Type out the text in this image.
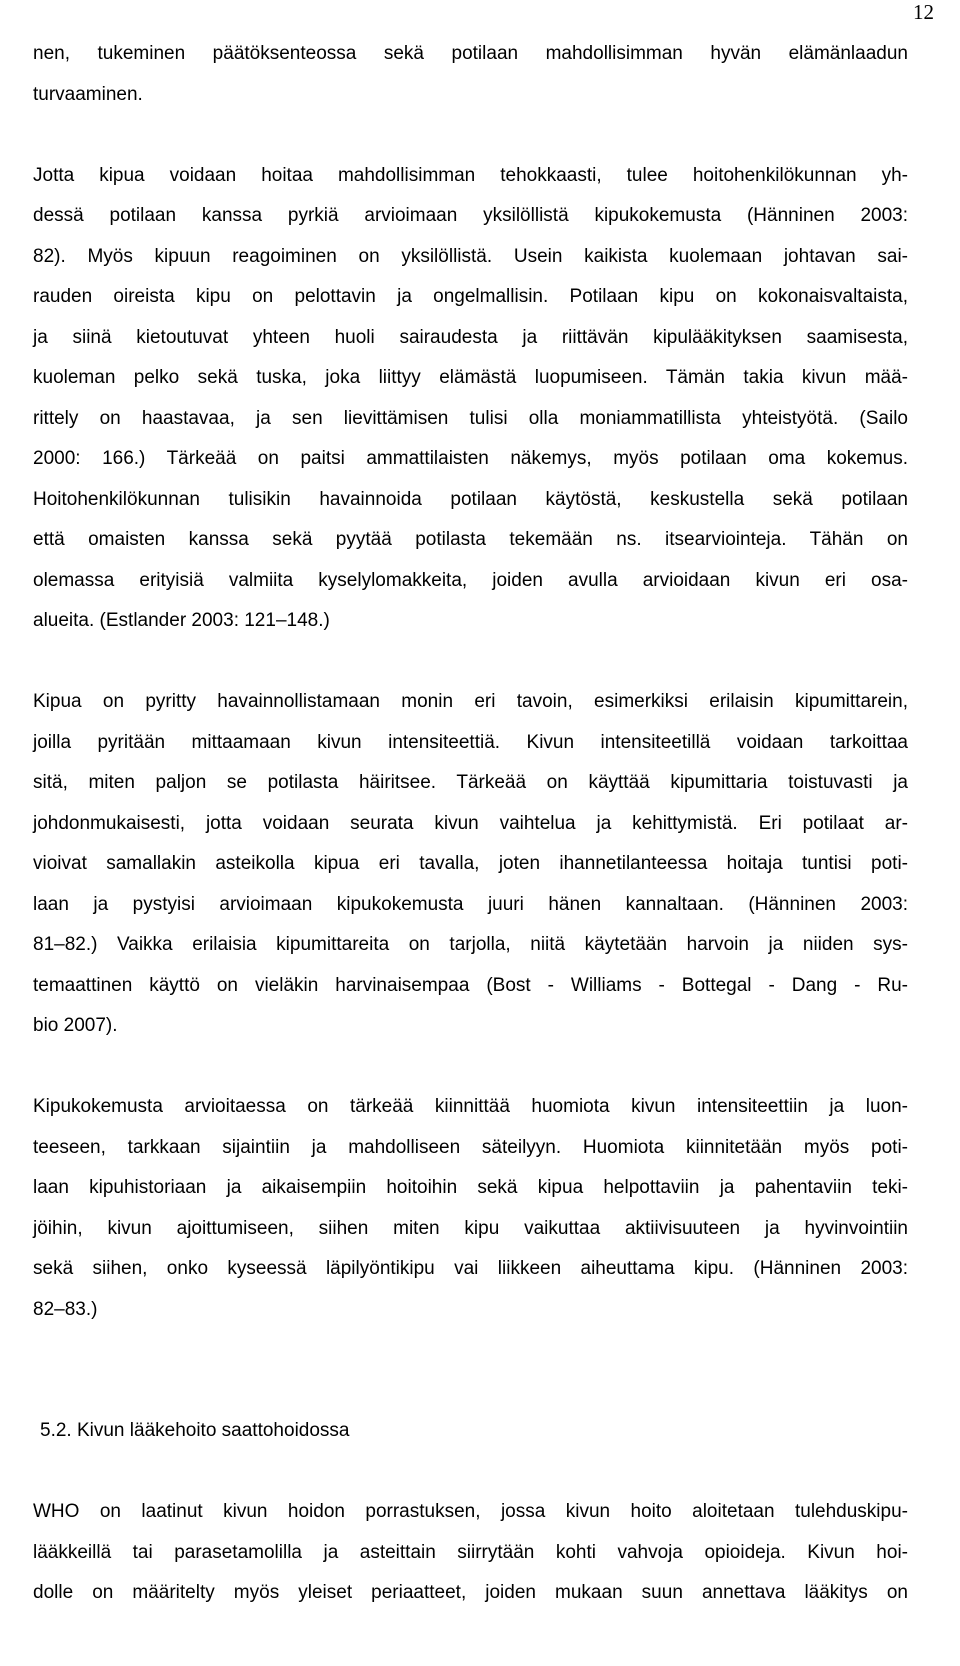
12
nen, tukeminen päätöksenteossa sekä potilaan mahdollisimman hyvän elämänlaadun
turvaaminen.
Jotta kipua voidaan hoitaa mahdollisimman tehokkaasti, tulee hoitohenkilökunnan yh-
dessä potilaan kanssa pyrkiä arvioimaan yksilöllistä kipukokemusta (Hänninen 2003:
82). Myös kipuun reagoiminen on yksilöllistä. Usein kaikista kuolemaan johtavan sai-
rauden oireista kipu on pelottavin ja ongelmallisin. Potilaan kipu on kokonaisvaltaista,
ja siinä kietoutuvat yhteen huoli sairaudesta ja riittävän kipulääkityksen saamisesta,
kuoleman pelko sekä tuska, joka liittyy elämästä luopumiseen. Tämän takia kivun mää-
rittely on haastavaa, ja sen lievittämisen tulisi olla moniammatillista yhteistyötä. (Sailo
2000: 166.) Tärkeää on paitsi ammattilaisten näkemys, myös potilaan oma kokemus.
Hoitohenkilökunnan tulisikin havainnoida potilaan käytöstä, keskustella sekä potilaan
että omaisten kanssa sekä pyytää potilasta tekemään ns. itsearviointeja. Tähän on
olemassa erityisiä valmiita kyselylomakkeita, joiden avulla arvioidaan kivun eri osa-
alueita. (Estlander 2003: 121–148.)
Kipua on pyritty havainnollistamaan monin eri tavoin, esimerkiksi erilaisin kipumittarein,
joilla pyritään mittaamaan kivun intensiteettiä. Kivun intensiteetillä voidaan tarkoittaa
sitä, miten paljon se potilasta häiritsee. Tärkeää on käyttää kipumittaria toistuvasti ja
johdonmukaisesti, jotta voidaan seurata kivun vaihtelua ja kehittymistä. Eri potilaat ar-
vioivat samallakin asteikolla kipua eri tavalla, joten ihannetilanteessa hoitaja tuntisi poti-
laan ja pystyisi arvioimaan kipukokemusta juuri hänen kannaltaan. (Hänninen 2003:
81–82.) Vaikka erilaisia kipumittareita on tarjolla, niitä käytetään harvoin ja niiden sys-
temaattinen käyttö on vieläkin harvinaisempaa (Bost - Williams - Bottegal - Dang - Ru-
bio 2007).
Kipukokemusta arvioitaessa on tärkeää kiinnittää huomiota kivun intensiteettiin ja luon-
teeseen, tarkkaan sijaintiin ja mahdolliseen säteilyyn. Huomiota kiinnitetään myös poti-
laan kipuhistoriaan ja aikaisempiin hoitoihin sekä kipua helpottaviin ja pahentaviin teki-
jöihin, kivun ajoittumiseen, siihen miten kipu vaikuttaa aktiivisuuteen ja hyvinvointiin
sekä siihen, onko kyseessä läpilyöntikipu vai liikkeen aiheuttama kipu. (Hänninen 2003:
82–83.)
5.2. Kivun lääkehoito saattohoidossa
WHO on laatinut kivun hoidon porrastuksen, jossa kivun hoito aloitetaan tulehduskipu-
lääkkeillä tai parasetamolilla ja asteittain siirrytään kohti vahvoja opioideja. Kivun hoi-
dolle on määritelty myös yleiset periaatteet, joiden mukaan suun annettava lääkitys on
